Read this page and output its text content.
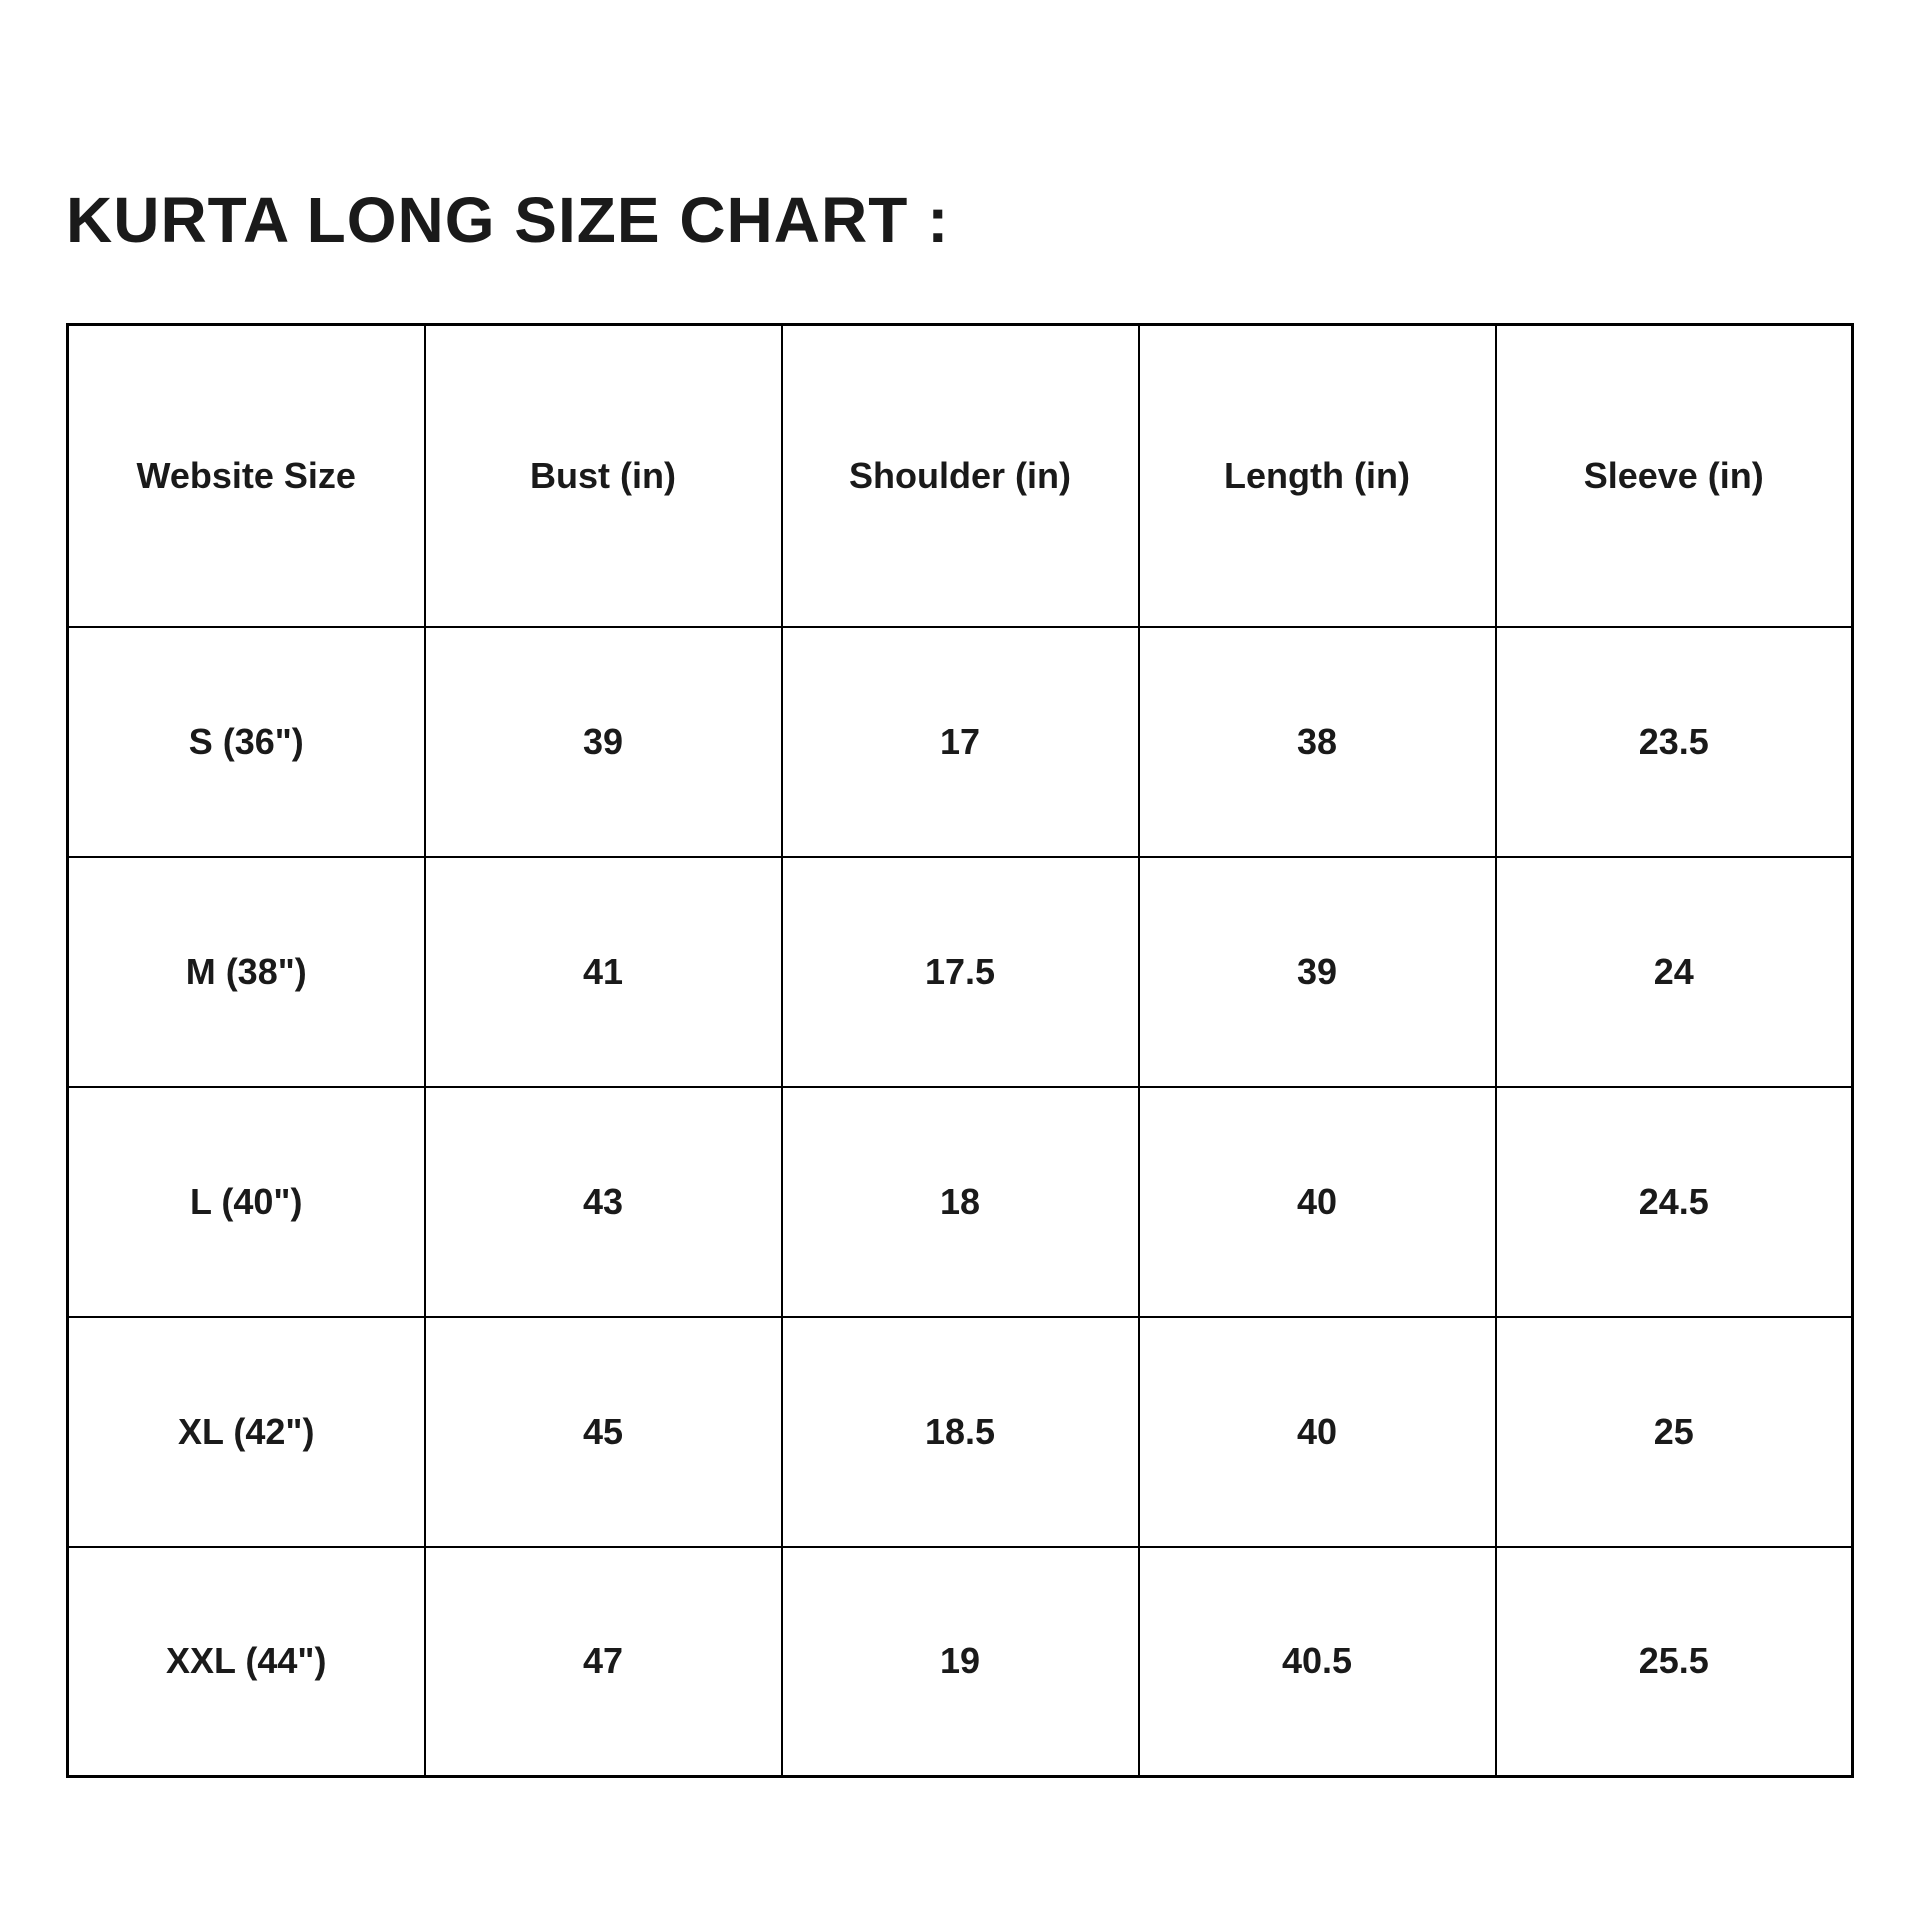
KURTA LONG SIZE CHART :
Website Size	Bust (in)	Shoulder (in)	Length (in)	Sleeve (in)
S (36")	39	17	38	23.5
M (38")	41	17.5	39	24
L (40")	43	18	40	24.5
XL (42")	45	18.5	40	25
XXL (44")	47	19	40.5	25.5
